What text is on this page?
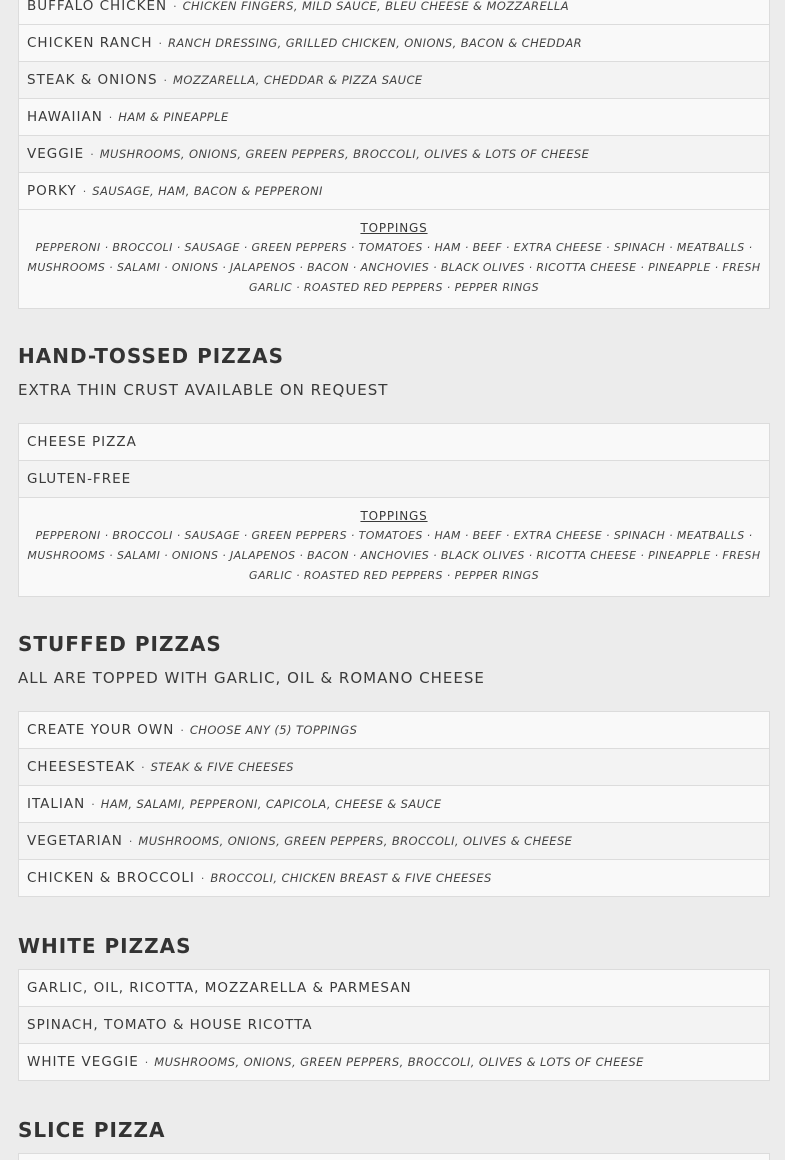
BUFFALO CHICKEN · CHICKEN FINGERS, MILD SAUCE, BLEU CHEESE & MOZZARELLA
CHICKEN RANCH · RANCH DRESSING, GRILLED CHICKEN, ONIONS, BACON & CHEDDAR
STEAK & ONIONS · MOZZARELLA, CHEDDAR & PIZZA SAUCE
HAWAIIAN · HAM & PINEAPPLE
VEGGIE · MUSHROOMS, ONIONS, GREEN PEPPERS, BROCCOLI, OLIVES & LOTS OF CHEESE
PORKY · SAUSAGE, HAM, BACON & PEPPERONI
TOPPINGS
PEPPERONI · BROCCOLI · SAUSAGE · GREEN PEPPERS · TOMATOES · HAM · BEEF · EXTRA CHEESE · SPINACH · MEATBALLS · MUSHROOMS · SALAMI · ONIONS · JALAPENOS · BACON · ANCHOVIES · BLACK OLIVES · RICOTTA CHEESE · PINEAPPLE · FRESH GARLIC · ROASTED RED PEPPERS · PEPPER RINGS
HAND-TOSSED PIZZAS
EXTRA THIN CRUST AVAILABLE ON REQUEST
CHEESE PIZZA
GLUTEN-FREE
TOPPINGS
PEPPERONI · BROCCOLI · SAUSAGE · GREEN PEPPERS · TOMATOES · HAM · BEEF · EXTRA CHEESE · SPINACH · MEATBALLS · MUSHROOMS · SALAMI · ONIONS · JALAPENOS · BACON · ANCHOVIES · BLACK OLIVES · RICOTTA CHEESE · PINEAPPLE · FRESH GARLIC · ROASTED RED PEPPERS · PEPPER RINGS
STUFFED PIZZAS
ALL ARE TOPPED WITH GARLIC, OIL & ROMANO CHEESE
CREATE YOUR OWN · CHOOSE ANY (5) TOPPINGS
CHEESESTEAK · STEAK & FIVE CHEESES
ITALIAN · HAM, SALAMI, PEPPERONI, CAPICOLA, CHEESE & SAUCE
VEGETARIAN · MUSHROOMS, ONIONS, GREEN PEPPERS, BROCCOLI, OLIVES & CHEESE
CHICKEN & BROCCOLI · BROCCOLI, CHICKEN BREAST & FIVE CHEESES
WHITE PIZZAS
GARLIC, OIL, RICOTTA, MOZZARELLA & PARMESAN
SPINACH, TOMATO & HOUSE RICOTTA
WHITE VEGGIE · MUSHROOMS, ONIONS, GREEN PEPPERS, BROCCOLI, OLIVES & LOTS OF CHEESE
SLICE PIZZA
